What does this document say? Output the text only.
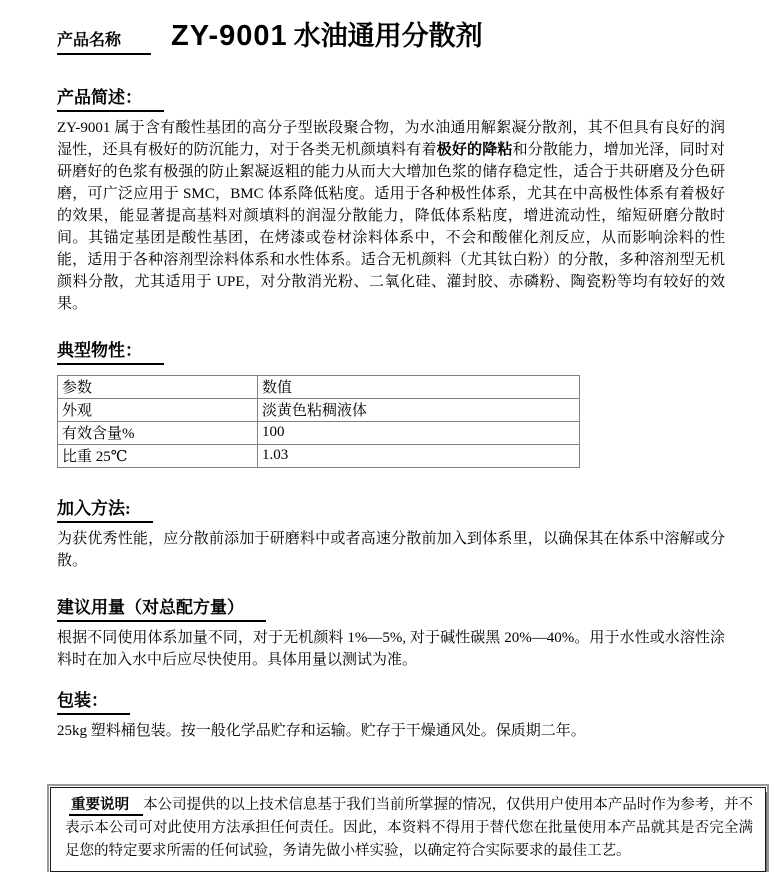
产品名称 ZY-9001 水油通用分散剂
产品简述：

ZY-9001 属于含有酸性基团的高分子型嵌段聚合物，为水油通用解絮凝分散剂，其不但具有良好的润湿性，还具有极好的防沉能力，对于各类无机颜填料有着极好的降粘和分散能力，增加光泽，同时对研磨好的色浆有极强的防止絮凝返粗的能力从而大大增加色浆的储存稳定性，适合于共研磨及分色研磨，可广泛应用于 SMC，BMC 体系降低粘度。适用于各种极性体系，尤其在中高极性体系有着极好的效果，能显著提高基料对颜填料的润湿分散能力，降低体系粘度，增进流动性，缩短研磨分散时间。其锚定基团是酸性基团，在烤漆或卷材涂料体系中，不会和酸催化剂反应，从而影响涂料的性能，适用于各种溶剂型涂料体系和水性体系。适合无机颜料（尤其钛白粉）的分散，多种溶剂型无机颜料分散，尤其适用于 UPE，对分散消光粉、二氧化硅、灌封胶、赤磷粉、陶瓷粉等均有较好的效果。

典型物性：
参数	数值
外观	淡黄色粘稠液体
有效含量%	100
比重 25℃	1.03
加入方法:

为获优秀性能，应分散前添加于研磨料中或者高速分散前加入到体系里，以确保其在体系中溶解或分散。

建议用量（对总配方量）

根据不同使用体系加量不同，对于无机颜料 1%—5%, 对于碱性碳黑 20%—40%。用于水性或水溶性涂料时在加入水中后应尽快使用。具体用量以测试为准。

包装：

25kg 塑料桶包装。按一般化学品贮存和运输。贮存于干燥通风处。保质期二年。

重要说明 本公司提供的以上技术信息基于我们当前所掌握的情况，仅供用户使用本产品时作为参考，并不表示本公司可对此使用方法承担任何责任。因此，本资料不得用于替代您在批量使用本产品就其是否完全满足您的特定要求所需的任何试验，务请先做小样实验，以确定符合实际要求的最佳工艺。
